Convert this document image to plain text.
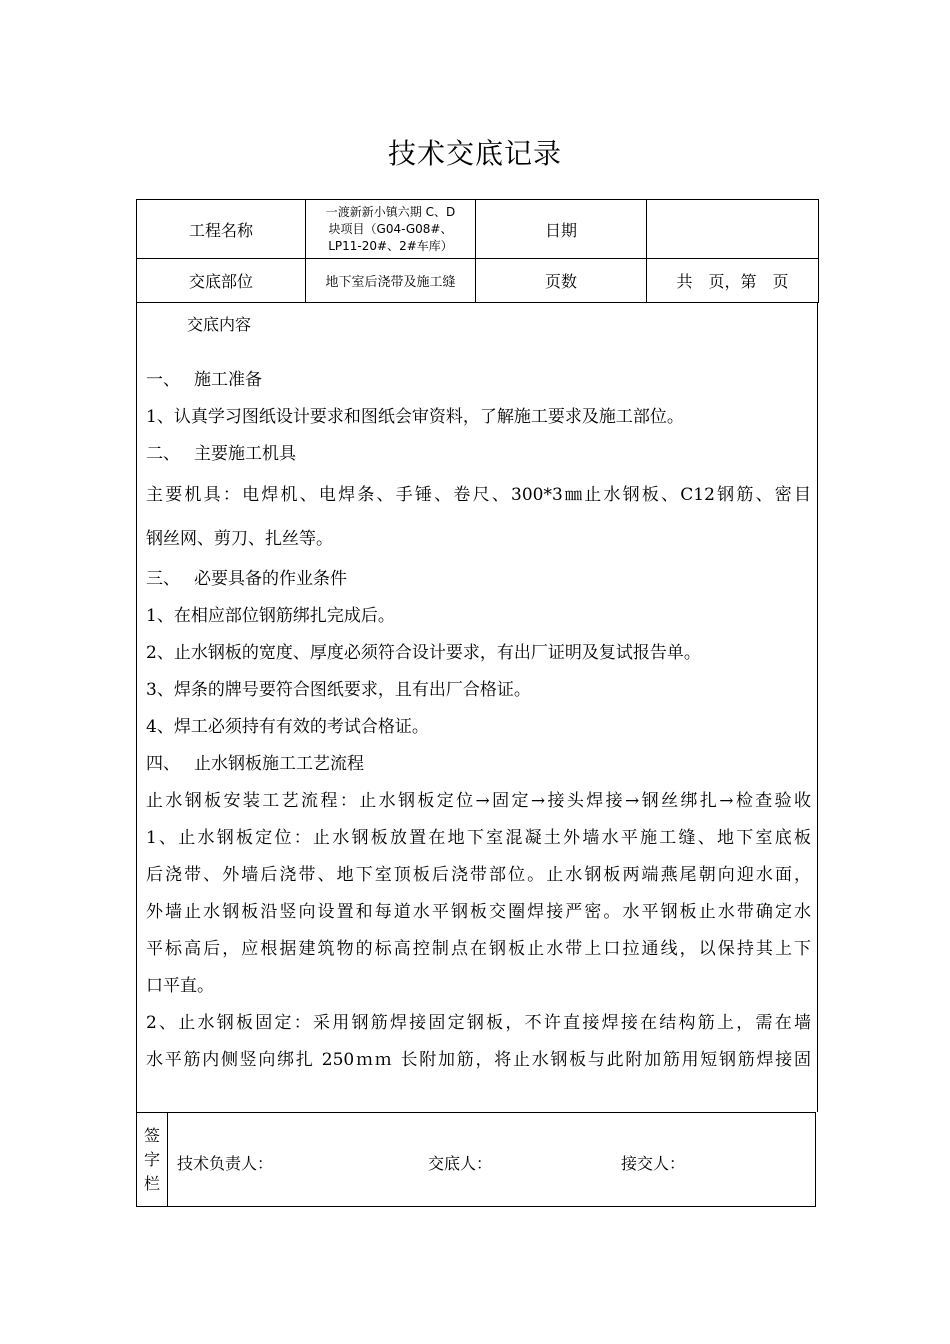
技术交底记录
工程名称	一渡新新小镇六期 C、D
块项目（G04-G08#、
LP11-20#、2#车库）	日期	
交底部位	地下室后浇带及施工缝	页数	共　页，第　页
交底内容
一、 施工准备
1、认真学习图纸设计要求和图纸会审资料，了解施工要求及施工部位。
二、 主要施工机具
主要机具：电焊机、电焊条、手锤、卷尺、300*3㎜止水钢板、C12钢筋、密目
钢丝网、剪刀、扎丝等。
三、 必要具备的作业条件
1、在相应部位钢筋绑扎完成后。
2、止水钢板的宽度、厚度必须符合设计要求，有出厂证明及复试报告单。
3、焊条的牌号要符合图纸要求，且有出厂合格证。
4、焊工必须持有有效的考试合格证。
四、 止水钢板施工工艺流程
止水钢板安装工艺流程：止水钢板定位→固定→接头焊接→钢丝绑扎→检查验收
1、止水钢板定位：止水钢板放置在地下室混凝土外墙水平施工缝、地下室底板
后浇带、外墙后浇带、地下室顶板后浇带部位。止水钢板两端燕尾朝向迎水面，
外墙止水钢板沿竖向设置和每道水平钢板交圈焊接严密。水平钢板止水带确定水
平标高后，应根据建筑物的标高控制点在钢板止水带上口拉通线，以保持其上下
口平直。
2、止水钢板固定：采用钢筋焊接固定钢板，不许直接焊接在结构筋上，需在墙
水平筋内侧竖向绑扎 250ｍｍ 长附加筋，将止水钢板与此附加筋用短钢筋焊接固
签
字
栏
技术负责人：	交底人：	接交人：
